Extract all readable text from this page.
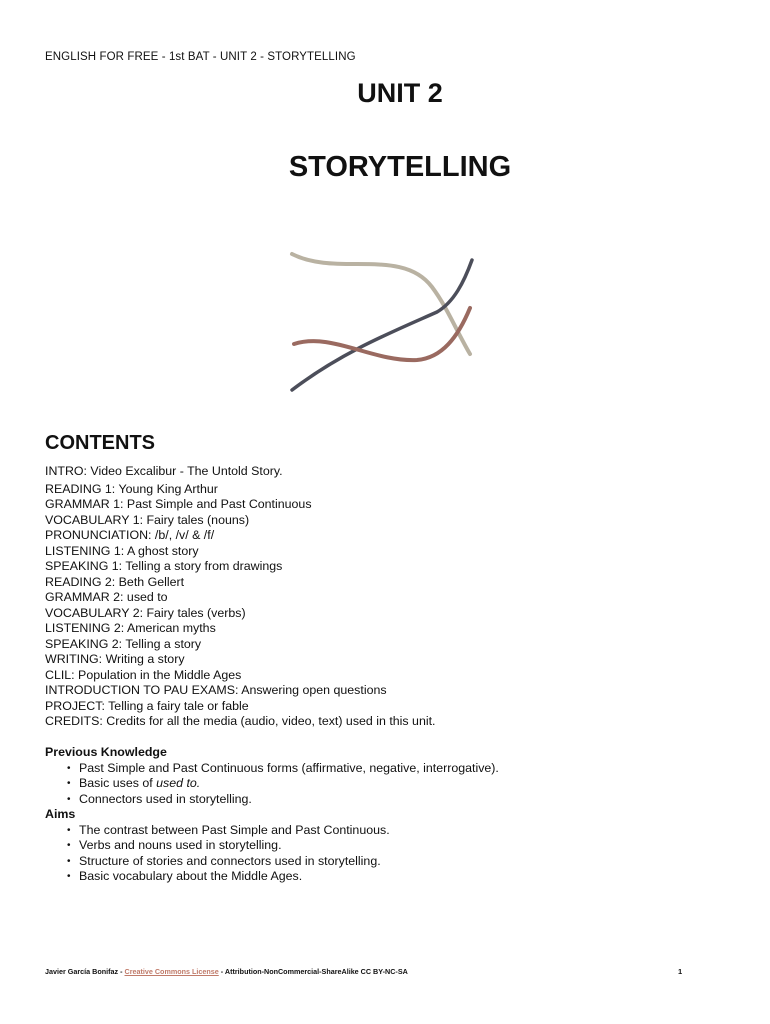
ENGLISH FOR FREE - 1st BAT - UNIT 2 - STORYTELLING
UNIT 2
STORYTELLING
CONTENTS
INTRO: Video Excalibur - The Untold Story.
READING 1: Young King Arthur
GRAMMAR 1: Past Simple and Past Continuous
VOCABULARY 1: Fairy tales (nouns)
PRONUNCIATION: /b/, /v/ & /f/
LISTENING 1: A ghost story
SPEAKING 1: Telling a story from drawings
READING 2: Beth Gellert
GRAMMAR 2: used to
VOCABULARY 2: Fairy tales (verbs)
LISTENING 2: American myths
SPEAKING 2: Telling a story
WRITING: Writing a story
CLIL: Population in the Middle Ages
INTRODUCTION TO PAU EXAMS: Answering open questions
PROJECT: Telling a fairy tale or fable
CREDITS: Credits for all the media (audio, video, text) used in this unit.
Previous Knowledge
• Past Simple and Past Continuous forms (affirmative, negative, interrogative).
• Basic uses of used to.
• Connectors used in storytelling.
Aims
• The contrast between Past Simple and Past Continuous.
• Verbs and nouns used in storytelling.
• Structure of stories and connectors used in storytelling.
• Basic vocabulary about the Middle Ages.
Javier García Bonifaz - Creative Commons License - Attribution-NonCommercial-ShareAlike CC BY-NC-SA	1
